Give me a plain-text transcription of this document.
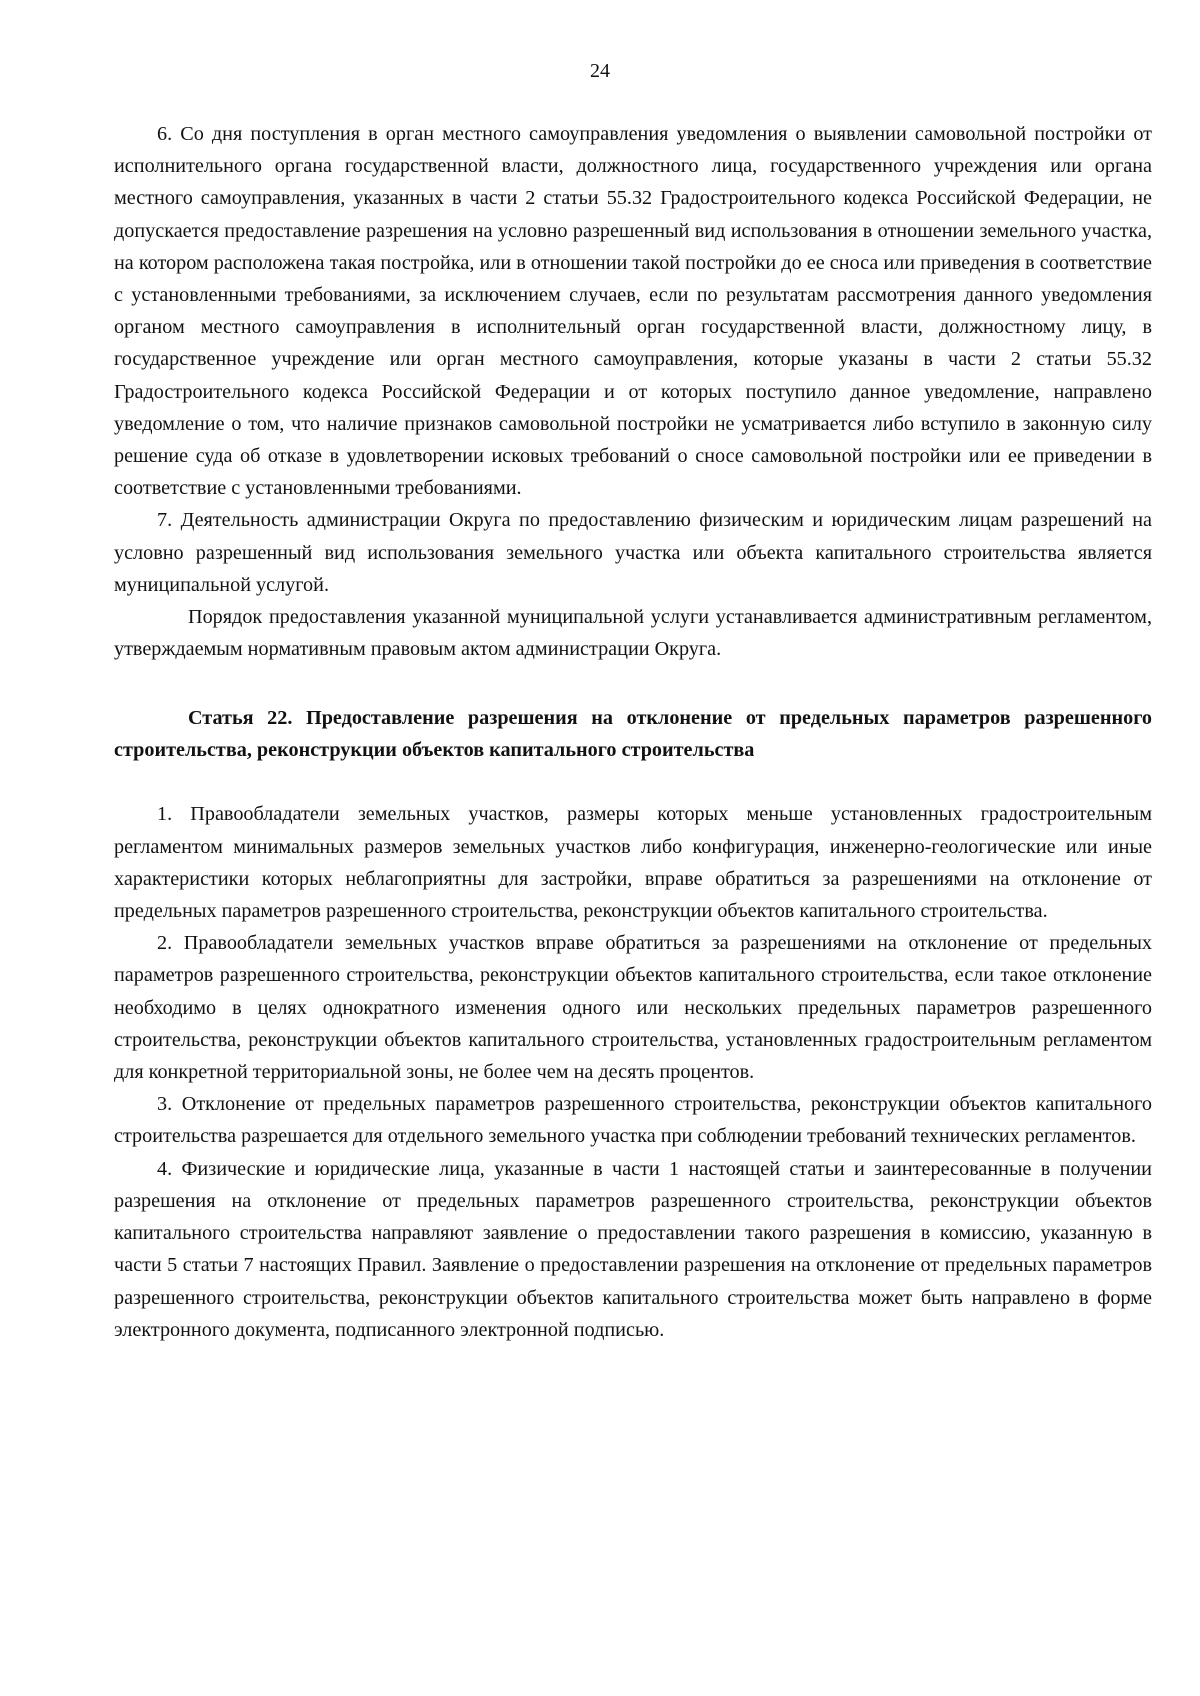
24

6. Со дня поступления в орган местного самоуправления уведомления о выявлении самовольной постройки от исполнительного органа государственной власти, должностного лица, государственного учреждения или органа местного самоуправления, указанных в части 2 статьи 55.32 Градостроительного кодекса Российской Федерации, не допускается предоставление разрешения на условно разрешенный вид использования в отношении земельного участка, на котором расположена такая постройка, или в отношении такой постройки до ее сноса или приведения в соответствие с установленными требованиями, за исключением случаев, если по результатам рассмотрения данного уведомления органом местного самоуправления в исполнительный орган государственной власти, должностному лицу, в государственное учреждение или орган местного самоуправления, которые указаны в части 2 статьи 55.32 Градостроительного кодекса Российской Федерации и от которых поступило данное уведомление, направлено уведомление о том, что наличие признаков самовольной постройки не усматривается либо вступило в законную силу решение суда об отказе в удовлетворении исковых требований о сносе самовольной постройки или ее приведении в соответствие с установленными требованиями.

7. Деятельность администрации Округа по предоставлению физическим и юридическим лицам разрешений на условно разрешенный вид использования земельного участка или объекта капитального строительства является муниципальной услугой.

Порядок предоставления указанной муниципальной услуги устанавливается административным регламентом, утверждаемым нормативным правовым актом администрации Округа.

Статья 22. Предоставление разрешения на отклонение от предельных параметров разрешенного строительства, реконструкции объектов капитального строительства

1. Правообладатели земельных участков, размеры которых меньше установленных градостроительным регламентом минимальных размеров земельных участков либо конфигурация, инженерно-геологические или иные характеристики которых неблагоприятны для застройки, вправе обратиться за разрешениями на отклонение от предельных параметров разрешенного строительства, реконструкции объектов капитального строительства.

2. Правообладатели земельных участков вправе обратиться за разрешениями на отклонение от предельных параметров разрешенного строительства, реконструкции объектов капитального строительства, если такое отклонение необходимо в целях однократного изменения одного или нескольких предельных параметров разрешенного строительства, реконструкции объектов капитального строительства, установленных градостроительным регламентом для конкретной территориальной зоны, не более чем на десять процентов.

3. Отклонение от предельных параметров разрешенного строительства, реконструкции объектов капитального строительства разрешается для отдельного земельного участка при соблюдении требований технических регламентов.

4. Физические и юридические лица, указанные в части 1 настоящей статьи и заинтересованные в получении разрешения на отклонение от предельных параметров разрешенного строительства, реконструкции объектов капитального строительства направляют заявление о предоставлении такого разрешения в комиссию, указанную в части 5 статьи 7 настоящих Правил. Заявление о предоставлении разрешения на отклонение от предельных параметров разрешенного строительства, реконструкции объектов капитального строительства может быть направлено в форме электронного документа, подписанного электронной подписью.
